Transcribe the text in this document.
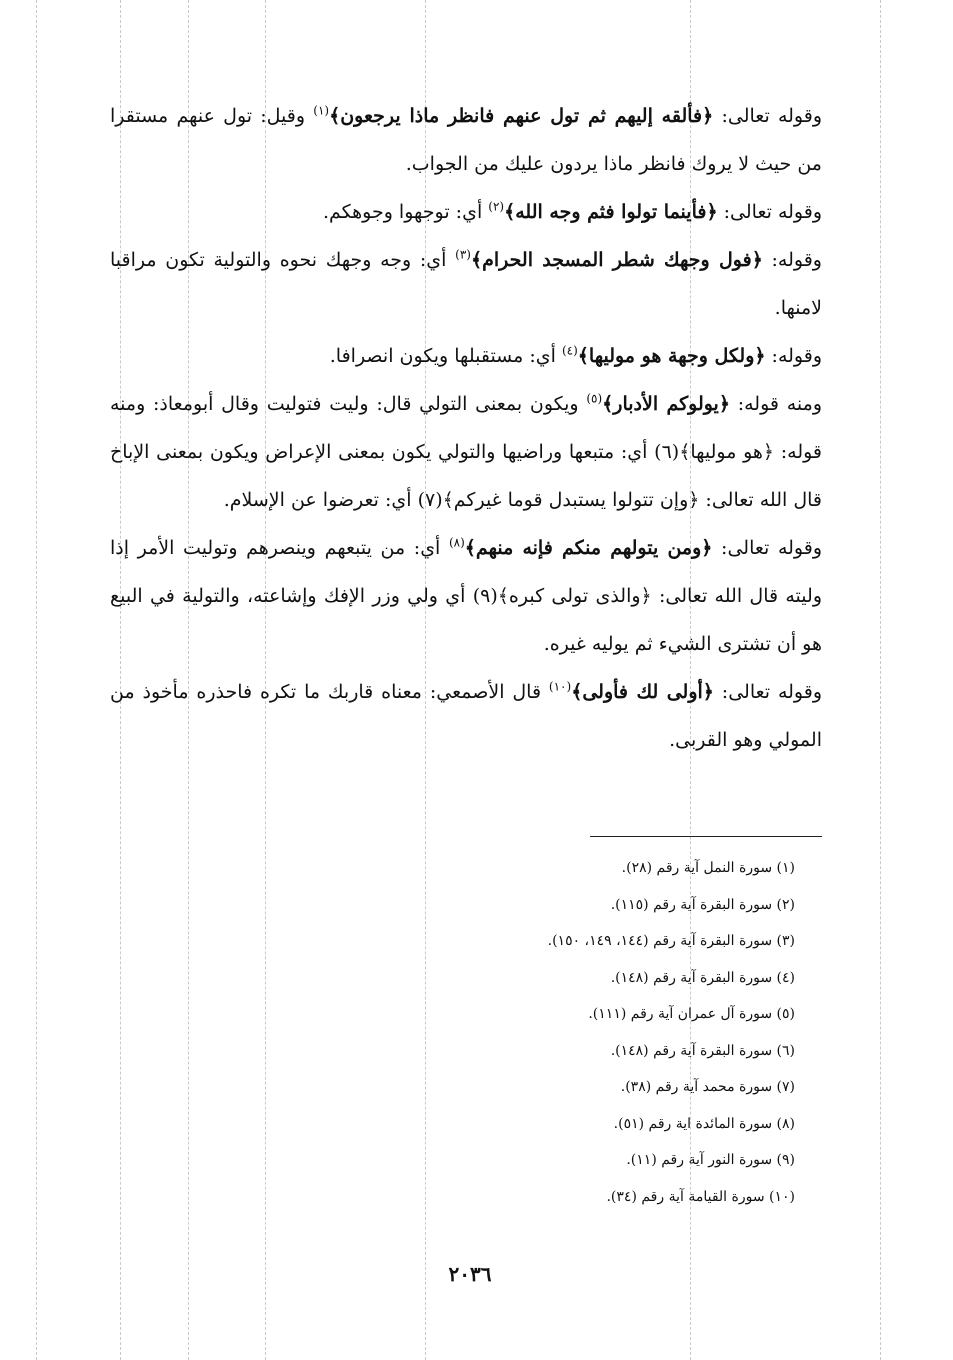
وقوله تعالى: ﴿فألقه إليهم ثم تول عنهم فانظر ماذا يرجعون﴾$^{(١)}$ وقيل: تول عنهم مستقرا من حيث لا يروك فانظر ماذا يردون عليك من الجواب.

وقوله تعالى: ﴿فأينما تولوا فثم وجه الله﴾$^{(٢)}$ أي: توجهوا وجوهكم.

وقوله: ﴿فول وجهك شطر المسجد الحرام﴾$^{(٣)}$ أي: وجه وجهك نحوه والتولية تكون مراقبا لامنها.

وقوله: ﴿ولكل وجهة هو موليها﴾$^{(٤)}$ أي: مستقبلها ويكون انصرافا.

ومنه قوله: ﴿يولوكم الأدبار﴾$^{(٥)}$ ويكون بمعنى التولي قال: وليت فتوليت وقال أبومعاذ: ومنه قوله: ﴿هو موليها﴾(٦) أي: متبعها وراضيها والتولي يكون بمعنى الإعراض ويكون بمعنى الإباخ قال الله تعالى: ﴿وإن تتولوا يستبدل قوما غيركم﴾(٧) أي: تعرضوا عن الإسلام.

وقوله تعالى: ﴿ومن يتولهم منكم فإنه منهم﴾$^{(٨)}$ أي: من يتبعهم وينصرهم وتوليت الأمر إذا وليته قال الله تعالى: ﴿والذى تولى كبره﴾(٩) أي ولي وزر الإفك وإشاعته، والتولية في البيع هو أن تشترى الشيء ثم يوليه غيره.

وقوله تعالى: ﴿أولى لك فأولى﴾$^{(١٠)}$ قال الأصمعي: معناه قاربك ما تكره فاحذره مأخوذ من المولي وهو القربى.

(١) سورة النمل آية رقم (٢٨).
(٢) سورة البقرة آية رقم (١١٥).
(٣) سورة البقرة آية رقم (١٤٤، ١٤٩، ١٥٠).
(٤) سورة البقرة آية رقم (١٤٨).
(٥) سورة آل عمران آية رقم (١١١).
(٦) سورة البقرة آية رقم (١٤٨).
(٧) سورة محمد آية رقم (٣٨).
(٨) سورة المائدة اية رقم (٥١).
(٩) سورة النور آية رقم (١١).
(١٠) سورة القيامة آية رقم (٣٤).
٢٠٣٦
